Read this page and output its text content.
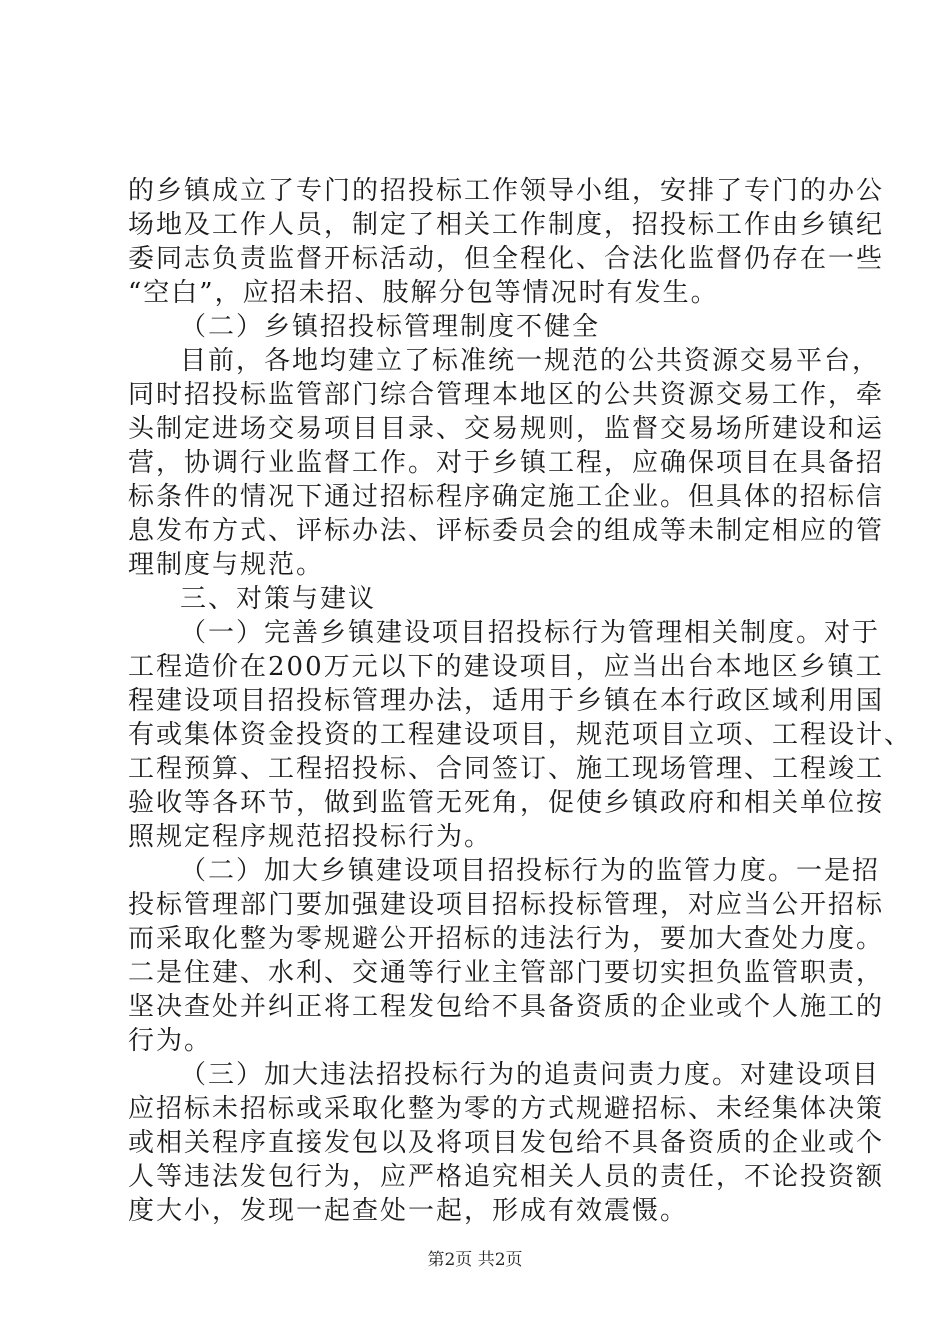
的乡镇成立了专门的招投标工作领导小组，安排了专门的办公
场地及工作人员，制定了相关工作制度，招投标工作由乡镇纪
委同志负责监督开标活动，但全程化、合法化监督仍存在一些
“空白”，应招未招、肢解分包等情况时有发生。
（二）乡镇招投标管理制度不健全
目前，各地均建立了标准统一规范的公共资源交易平台，
同时招投标监管部门综合管理本地区的公共资源交易工作，牵
头制定进场交易项目目录、交易规则，监督交易场所建设和运
营，协调行业监督工作。对于乡镇工程，应确保项目在具备招
标条件的情况下通过招标程序确定施工企业。但具体的招标信
息发布方式、评标办法、评标委员会的组成等未制定相应的管
理制度与规范。
三、对策与建议
（一）完善乡镇建设项目招投标行为管理相关制度。对于
工程造价在200万元以下的建设项目，应当出台本地区乡镇工
程建设项目招投标管理办法，适用于乡镇在本行政区域利用国
有或集体资金投资的工程建设项目，规范项目立项、工程设计、
工程预算、工程招投标、合同签订、施工现场管理、工程竣工
验收等各环节，做到监管无死角，促使乡镇政府和相关单位按
照规定程序规范招投标行为。
（二）加大乡镇建设项目招投标行为的监管力度。一是招
投标管理部门要加强建设项目招标投标管理，对应当公开招标
而采取化整为零规避公开招标的违法行为，要加大查处力度。
二是住建、水利、交通等行业主管部门要切实担负监管职责，
坚决查处并纠正将工程发包给不具备资质的企业或个人施工的
行为。
（三）加大违法招投标行为的追责问责力度。对建设项目
应招标未招标或采取化整为零的方式规避招标、未经集体决策
或相关程序直接发包以及将项目发包给不具备资质的企业或个
人等违法发包行为，应严格追究相关人员的责任，不论投资额
度大小，发现一起查处一起，形成有效震慑。
第2页 共2页
